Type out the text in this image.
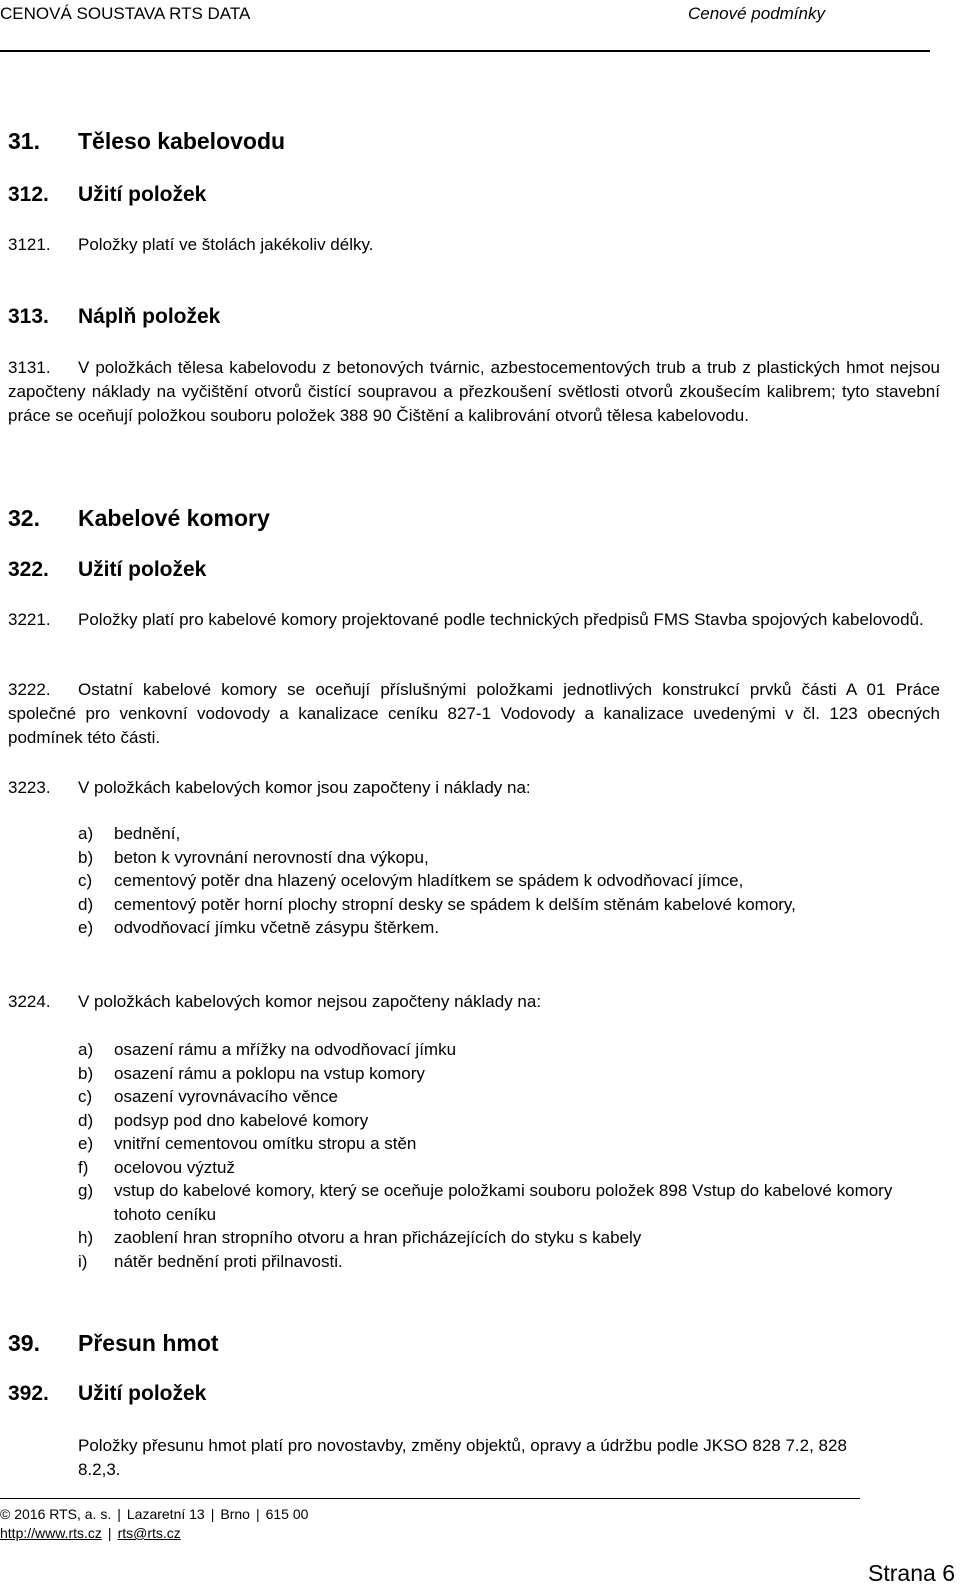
CENOVÁ SOUSTAVA RTS DATA	Cenové podmínky
31.	Těleso kabelovodu
312.	Užití položek
3121. Položky platí ve štolách jakékoliv délky.
313.	Náplň položek
3131. V položkách tělesa kabelovodu z betonových tvárnic, azbestocementových trub a trub z plastických hmot nejsou započteny náklady na vyčištění otvorů čistící soupravou a přezkoušení světlosti otvorů zkoušecím kalibrem; tyto stavební práce se oceňují položkou souboru položek 388 90 Čištění a kalibrování otvorů tělesa kabelovodu.
32.	Kabelové komory
322.	Užití položek
3221. Položky platí pro kabelové komory projektované podle technických předpisů FMS Stavba spojových kabelovodů.
3222. Ostatní kabelové komory se oceňují příslušnými položkami jednotlivých konstrukcí prvků části A 01 Práce společné pro venkovní vodovody a kanalizace ceníku 827-1 Vodovody a kanalizace uvedenými v čl. 123 obecných podmínek této části.
3223. V položkách kabelových komor jsou započteny i náklady na:
a)	bednění,
b)	beton k vyrovnání nerovností dna výkopu,
c)	cementový potěr dna hlazený ocelovým hladítkem se spádem k odvodňovací jímce,
d)	cementový potěr horní plochy stropní desky se spádem k delším stěnám kabelové komory,
e)	odvodňovací jímku včetně zásypu štěrkem.
3224. V položkách kabelových komor nejsou započteny náklady na:
a)	osazení rámu a mřížky na odvodňovací jímku
b)	osazení rámu a poklopu na vstup komory
c)	osazení vyrovnávacího věnce
d)	podsyp pod dno kabelové komory
e)	vnitřní cementovou omítku stropu a stěn
f)	ocelovou výztuž
g)	vstup do kabelové komory, který se oceňuje položkami souboru položek 898 Vstup do kabelové komory tohoto ceníku
h)	zaoblení hran stropního otvoru a hran přicházejících do styku s kabely
i)	nátěr bednění proti přilnavosti.
39.	Přesun hmot
392.	Užití položek
Položky přesunu hmot platí pro novostavby, změny objektů, opravy a údržbu podle JKSO 828 7.2, 828 8.2,3.
© 2016 RTS, a. s. | Lazaretní 13 | Brno | 615 00
http://www.rts.cz | rts@rts.cz
Strana 6
